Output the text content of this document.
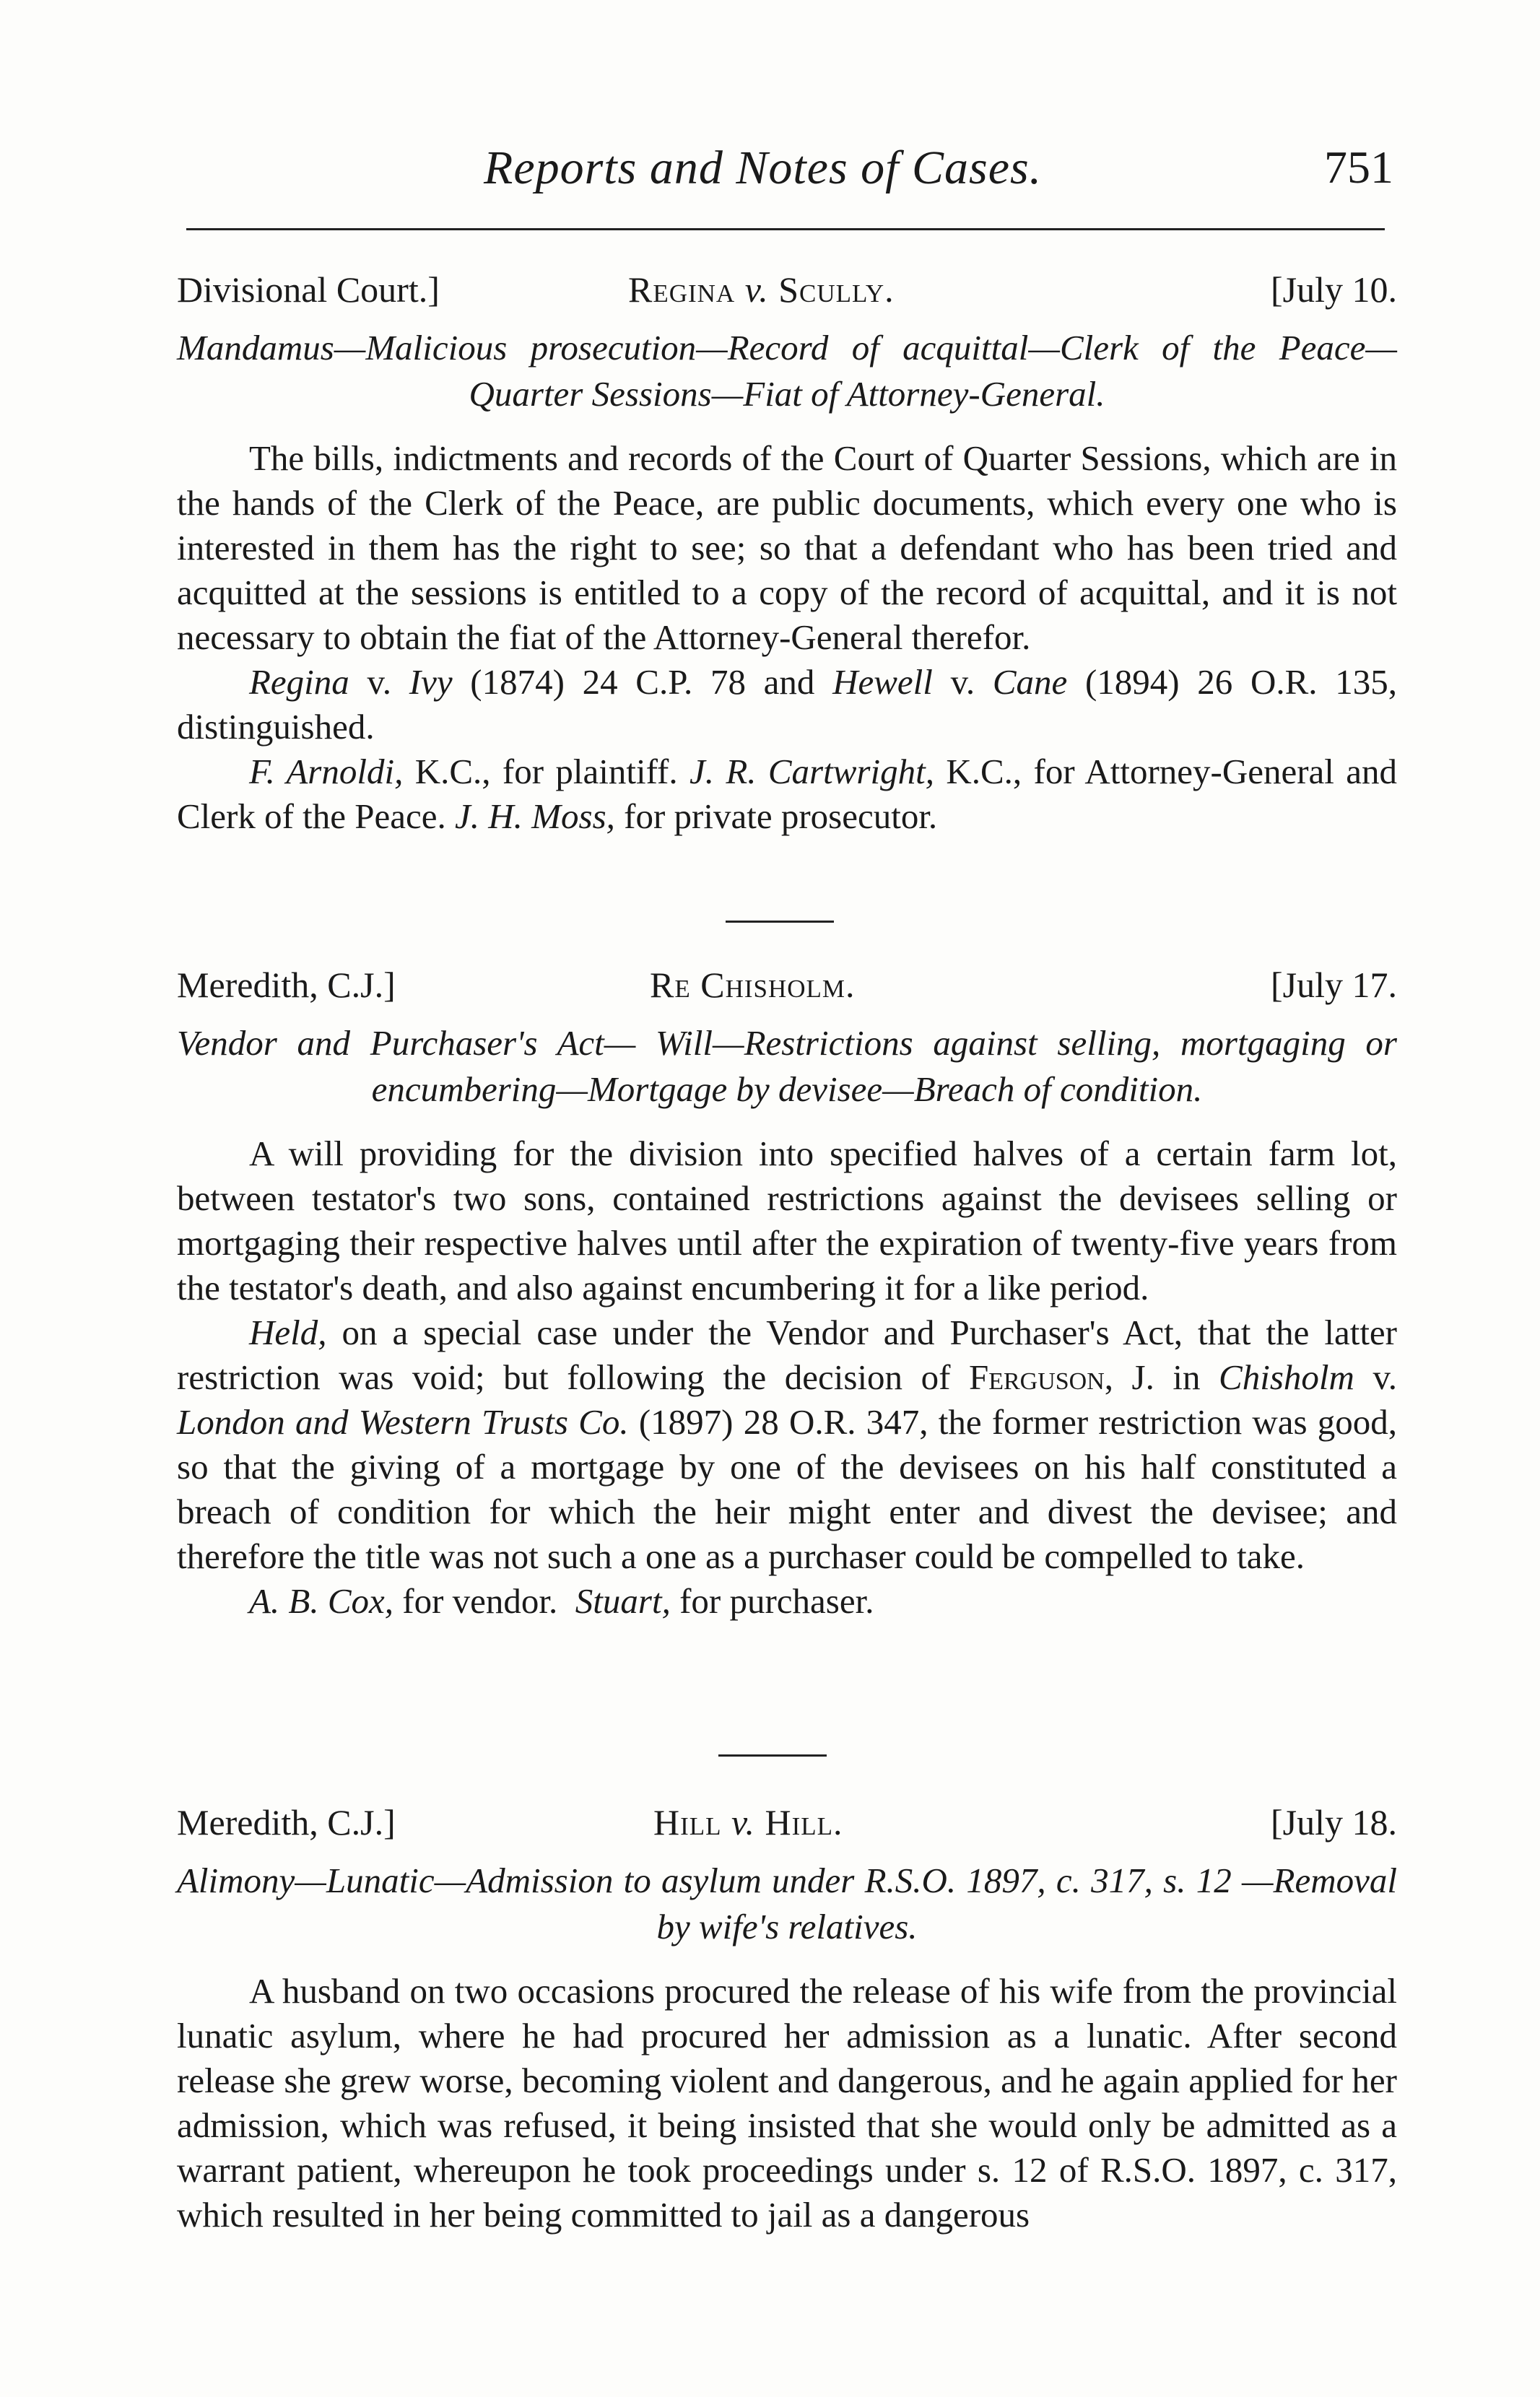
Reports and Notes of Cases.	751
Divisional Court.]	Regina v. Scully.	[July 10.
Mandamus—Malicious prosecution—Record of acquittal—Clerk of the Peace—Quarter Sessions—Fiat of Attorney-General.

The bills, indictments and records of the Court of Quarter Sessions, which are in the hands of the Clerk of the Peace, are public documents, which every one who is interested in them has the right to see; so that a defendant who has been tried and acquitted at the sessions is entitled to a copy of the record of acquittal, and it is not necessary to obtain the fiat of the Attorney-General therefor.

Regina v. Ivy (1874) 24 C.P. 78 and Hewell v. Cane (1894) 26 O.R. 135, distinguished.

F. Arnoldi, K.C., for plaintiff. J. R. Cartwright, K.C., for Attorney-General and Clerk of the Peace. J. H. Moss, for private prosecutor.

Meredith, C.J.]	Re Chisholm.	[July 17.
Vendor and Purchaser's Act— Will—Restrictions against selling, mortgaging or encumbering—Mortgage by devisee—Breach of condition.

A will providing for the division into specified halves of a certain farm lot, between testator's two sons, contained restrictions against the devisees selling or mortgaging their respective halves until after the expiration of twenty-five years from the testator's death, and also against encumbering it for a like period.

Held, on a special case under the Vendor and Purchaser's Act, that the latter restriction was void; but following the decision of Ferguson, J. in Chisholm v. London and Western Trusts Co. (1897) 28 O.R. 347, the former restriction was good, so that the giving of a mortgage by one of the devisees on his half constituted a breach of condition for which the heir might enter and divest the devisee; and therefore the title was not such a one as a purchaser could be compelled to take.

A. B. Cox, for vendor. Stuart, for purchaser.

Meredith, C.J.]	Hill v. Hill.	[July 18.
Alimony—Lunatic—Admission to asylum under R.S.O. 1897, c. 317, s. 12 —Removal by wife's relatives.

A husband on two occasions procured the release of his wife from the provincial lunatic asylum, where he had procured her admission as a lunatic. After second release she grew worse, becoming violent and dangerous, and he again applied for her admission, which was refused, it being insisted that she would only be admitted as a warrant patient, whereupon he took proceedings under s. 12 of R.S.O. 1897, c. 317, which resulted in her being committed to jail as a dangerous
